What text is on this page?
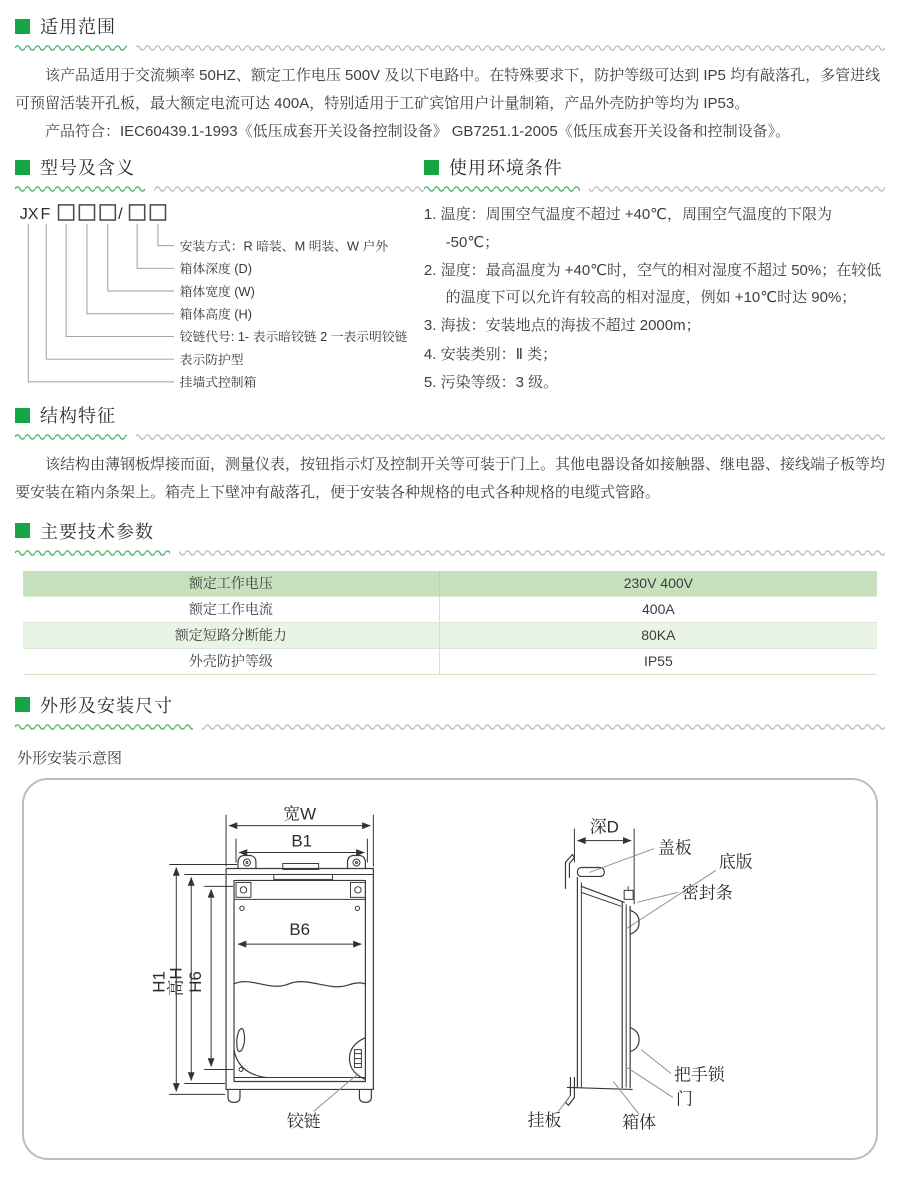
适用范围

该产品适用于交流频率 50HZ、额定工作电压 500V 及以下电路中。在特殊要求下，防护等级可达到 IP5 均有敲落孔，多管进线可预留活装开孔板，最大额定电流可达 400A，特别适用于工矿宾馆用户计量制箱，产品外壳防护等均为 IP53。

产品符合：IEC60439.1-1993《低压成套开关设备控制设备》 GB7251.1-2005《低压成套开关设备和控制设备》。

型号及含义
JX F	/
安装方式：R 暗装、M 明装、W 户外
箱体深度 (D)
箱体宽度 (W)
箱体高度 (H)
铰链代号: 1- 表示暗铰链 2 一表示明铰链
表示防护型
挂墙式控制箱
使用环境条件
1. 温度：周围空气温度不超过 +40℃，周围空气温度的下限为 -50℃；
2. 湿度：最高温度为 +40℃时，空气的相对湿度不超过 50%；在较低的温度下可以允许有较高的相对湿度，例如 +10℃时达 90%；
3. 海拔：安装地点的海拔不超过 2000m；
4. 安装类别：Ⅱ 类；
5. 污染等级：3 级。
结构特征

该结构由薄钢板焊接而面，测量仪表，按钮指示灯及控制开关等可装于门上。其他电器设备如接触器、继电器、接线端子板等均要安装在箱内条架上。箱壳上下壁冲有敲落孔，便于安装各种规格的电式各种规格的电缆式管路。

主要技术参数
额定工作电压	230V 400V
额定工作电流	400A
额定短路分断能力	80KA
外壳防护等级	IP55
外形及安装尺寸
外形安装示意图
宽W
B1
B6
H1
高H H6
底版
铰链
深D
盖板
密封条
把手锁
门
挂板	箱体
